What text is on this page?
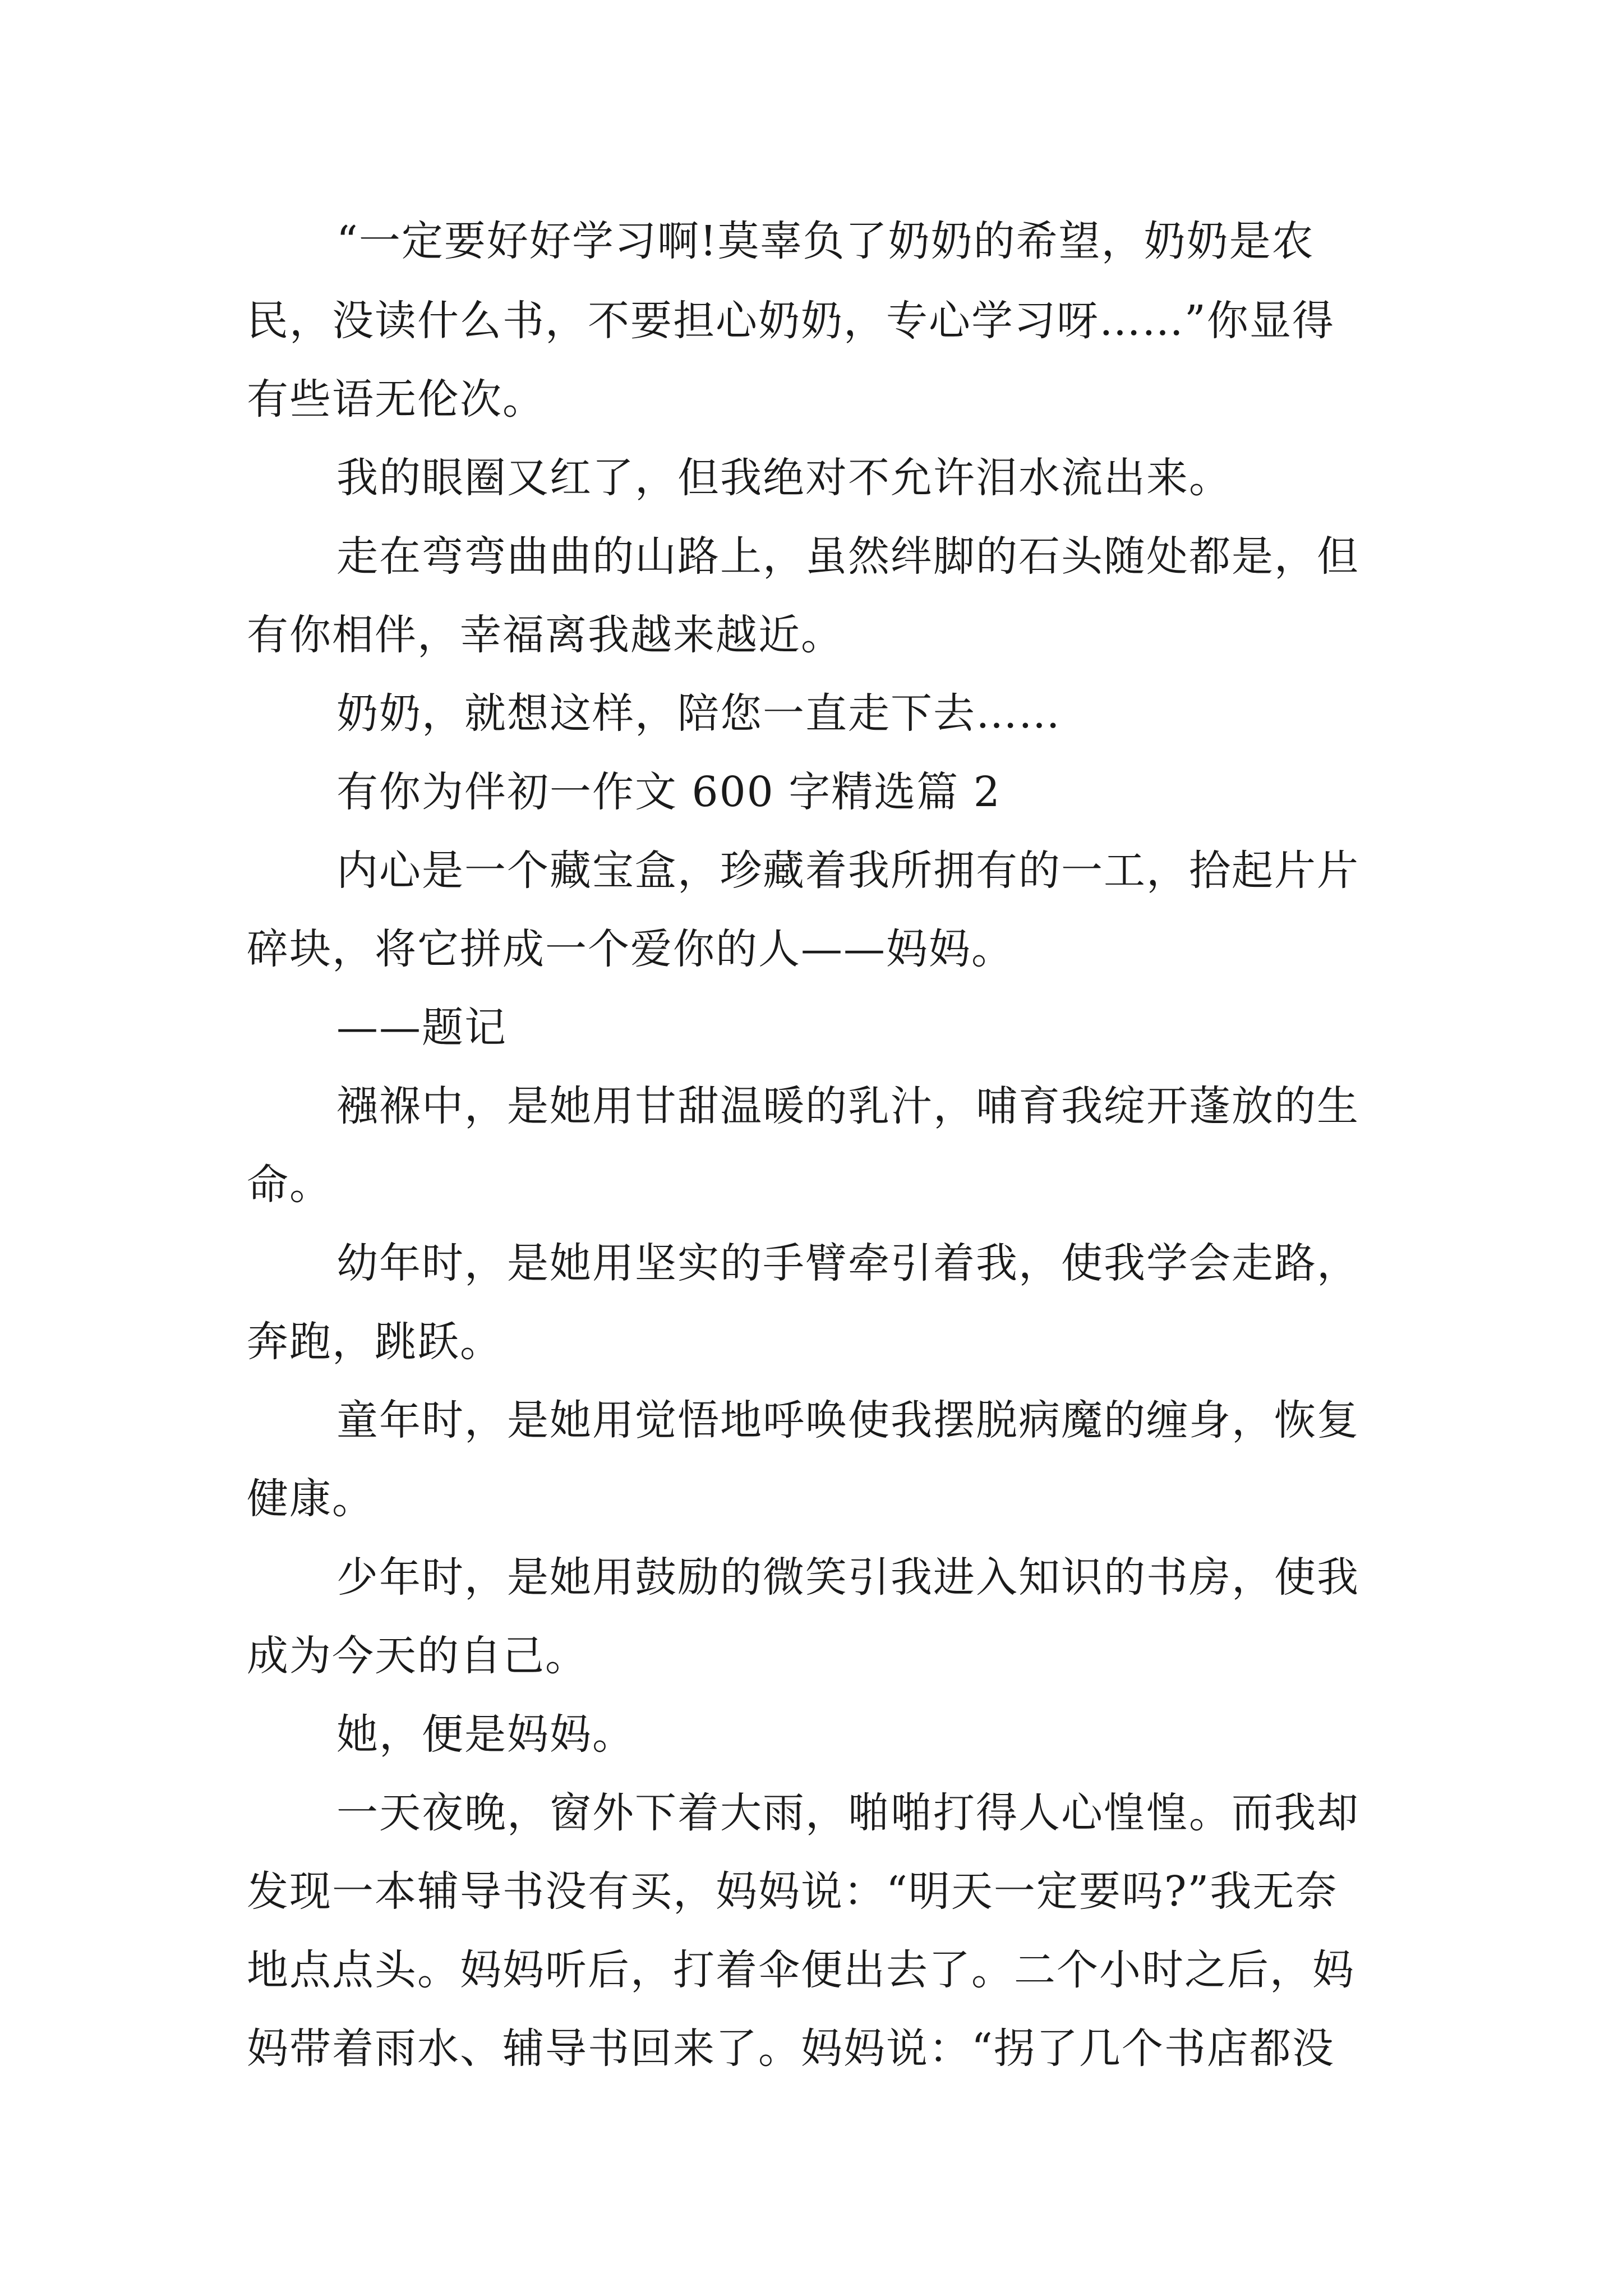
“一定要好好学习啊!莫辜负了奶奶的希望，奶奶是农
民，没读什么书，不要担心奶奶，专心学习呀……”你显得
有些语无伦次。
我的眼圈又红了，但我绝对不允许泪水流出来。
走在弯弯曲曲的山路上，虽然绊脚的石头随处都是，但
有你相伴，幸福离我越来越近。
奶奶，就想这样，陪您一直走下去……
有你为伴初一作文 600 字精选篇 2
内心是一个藏宝盒，珍藏着我所拥有的一工，拾起片片
碎块，将它拼成一个爱你的人——妈妈。
——题记
襁褓中，是她用甘甜温暖的乳汁，哺育我绽开蓬放的生
命。
幼年时，是她用坚实的手臂牵引着我，使我学会走路，
奔跑，跳跃。
童年时，是她用觉悟地呼唤使我摆脱病魔的缠身，恢复
健康。
少年时，是她用鼓励的微笑引我进入知识的书房，使我
成为今天的自己。
她，便是妈妈。
一天夜晚，窗外下着大雨，啪啪打得人心惶惶。而我却
发现一本辅导书没有买，妈妈说：“明天一定要吗?”我无奈
地点点头。妈妈听后，打着伞便出去了。二个小时之后，妈
妈带着雨水、辅导书回来了。妈妈说：“拐了几个书店都没
